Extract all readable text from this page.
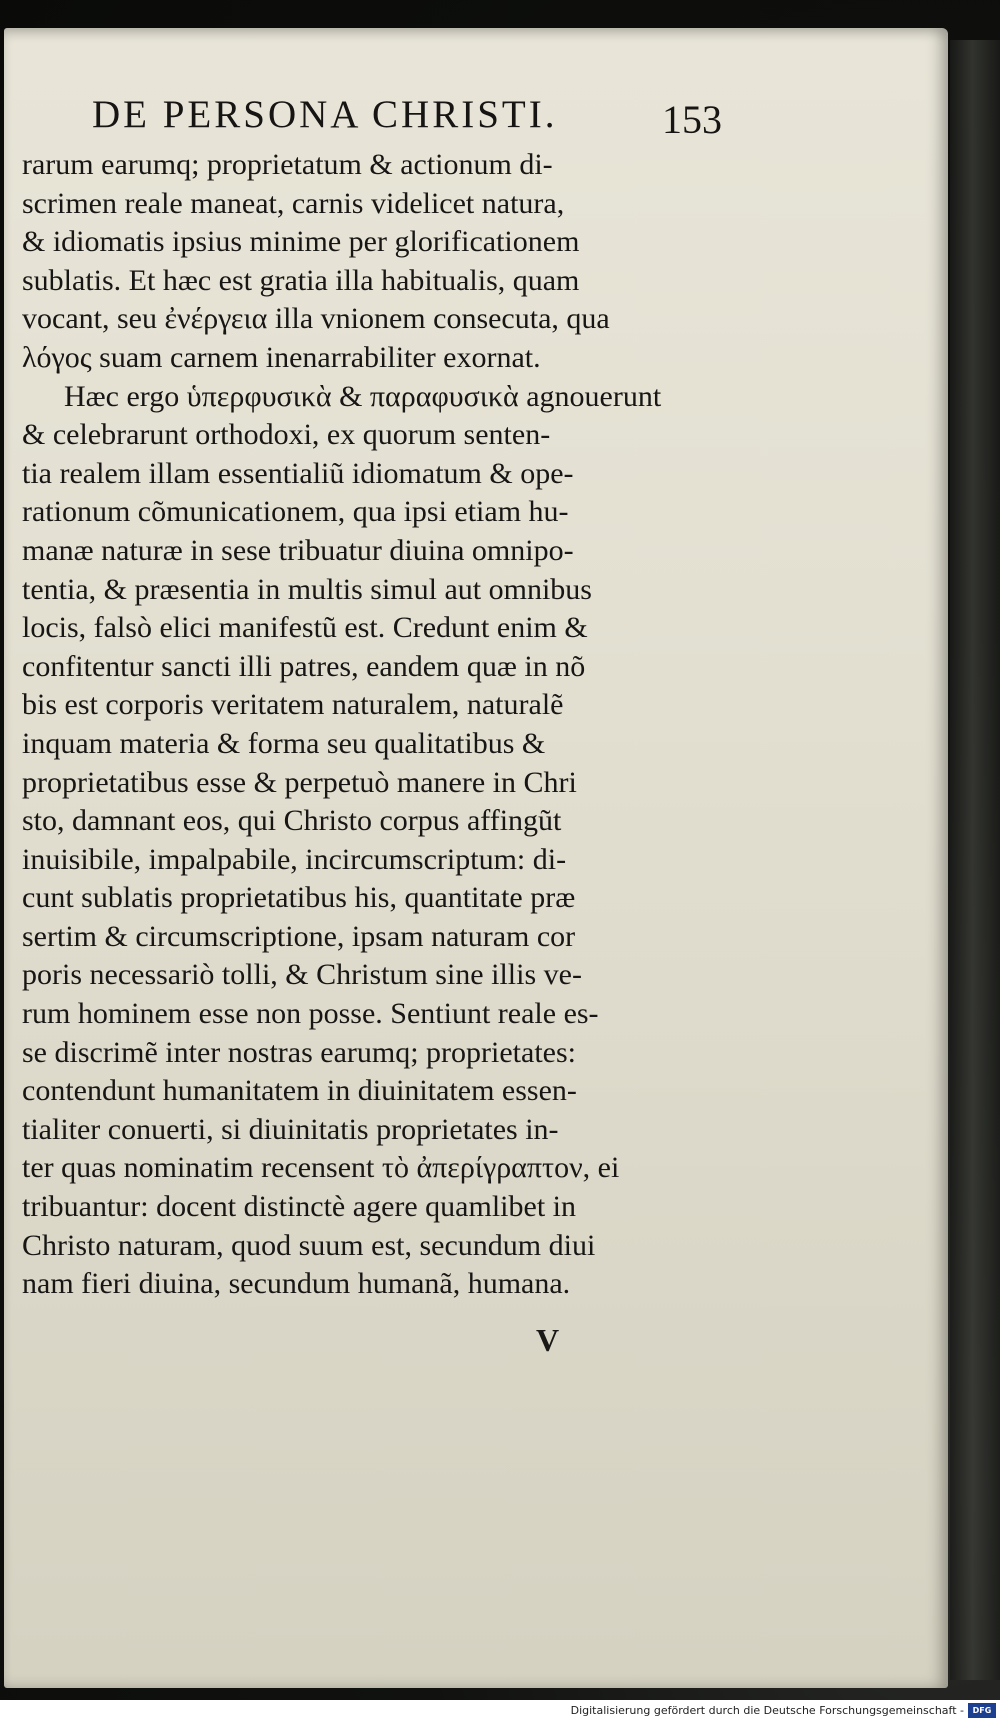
DE PERSONA CHRISTI.	153
rarum earumq; proprietatum & actionum di-
scrimen reale maneat, carnis videlicet natura,
& idiomatis ipsius minime per glorificationem
sublatis. Et hæc est gratia illa habitualis, quam
vocant, seu ἐνέργεια illa vnionem consecuta, qua
λόγος suam carnem inenarrabiliter exornat.
Hæc ergo ὑπερφυσικὰ & παραφυσικὰ agnouerunt
& celebrarunt orthodoxi, ex quorum senten-
tia realem illam essentialiũ idiomatum & ope-
rationum cõmunicationem, qua ipsi etiam hu-
manæ naturæ in sese tribuatur diuina omnipo-
tentia, & præsentia in multis simul aut omnibus
locis, falsò elici manifestũ est. Credunt enim &
confitentur sancti illi patres, eandem quæ in nõ
bis est corporis veritatem naturalem, naturalẽ
inquam materia & forma seu qualitatibus &
proprietatibus esse & perpetuò manere in Chri
sto, damnant eos, qui Christo corpus affingũt
inuisibile, impalpabile, incircumscriptum: di-
cunt sublatis proprietatibus his, quantitate præ
sertim & circumscriptione, ipsam naturam cor
poris necessariò tolli, & Christum sine illis ve-
rum hominem esse non posse. Sentiunt reale es-
se discrimẽ inter nostras earumq; proprietates:
contendunt humanitatem in diuinitatem essen-
tialiter conuerti, si diuinitatis proprietates in-
ter quas nominatim recensent τὸ ἀπερίγραπτον, ei
tribuantur: docent distinctè agere quamlibet in
Christo naturam, quod suum est, secundum diui
nam fieri diuina, secundum humanã, humana.
V
Digitalisierung gefördert durch die Deutsche Forschungsgemeinschaft -	DFG
